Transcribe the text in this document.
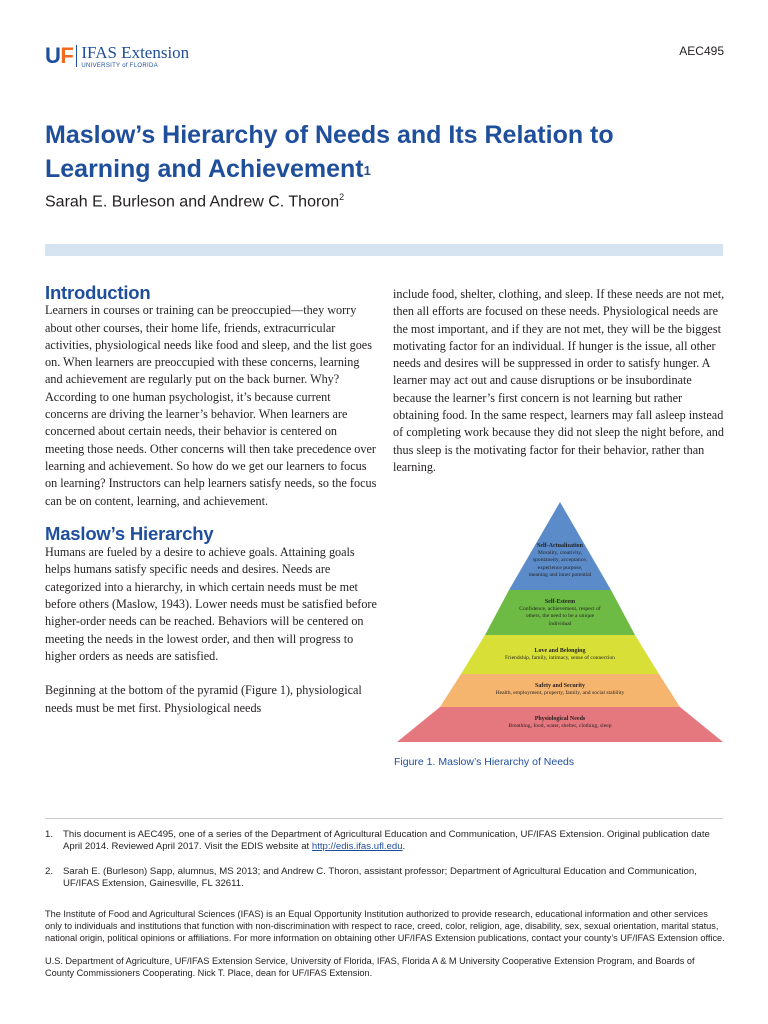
UF IFAS Extension
UNIVERSITY of FLORIDA
AEC495
Maslow’s Hierarchy of Needs and Its Relation to Learning and Achievement$^1$
Sarah E. Burleson and Andrew C. Thoron$^2$
Introduction

Learners in courses or training can be preoccupied—they worry about other courses, their home life, friends, extracurricular activities, physiological needs like food and sleep, and the list goes on. When learners are preoccupied with these concerns, learning and achievement are regularly put on the back burner. Why? According to one human psychologist, it’s because current concerns are driving the learner’s behavior. When learners are concerned about certain needs, their behavior is centered on meeting those needs. Other concerns will then take precedence over learning and achievement. So how do we get our learners to focus on learning? Instructors can help learners satisfy needs, so the focus can be on content, learning, and achievement.

Maslow’s Hierarchy

Humans are fueled by a desire to achieve goals. Attaining goals helps humans satisfy specific needs and desires. Needs are categorized into a hierarchy, in which certain needs must be met before others (Maslow, 1943). Lower needs must be satisfied before higher-order needs can be reached. Behaviors will be centered on meeting the needs in the lowest order, and then will progress to higher orders as needs are satisfied.

Beginning at the bottom of the pyramid (Figure 1), physiological needs must be met first. Physiological needs

include food, shelter, clothing, and sleep. If these needs are not met, then all efforts are focused on these needs. Physiological needs are the most important, and if they are not met, they will be the biggest motivating factor for an individual. If hunger is the issue, all other needs and desires will be suppressed in order to satisfy hunger. A learner may act out and cause disruptions or be insubordinate because the learner’s first concern is not learning but rather obtaining food. In the same respect, learners may fall asleep instead of completing work because they did not sleep the night before, and thus sleep is the motivating factor for their behavior, rather than learning.

Self-Actualization
Morality, creativity,
spontaneity, acceptance,
experience purpose,
meaning and inner potential
Self-Esteem
Confidence, achievement, respect of
others, the need to be a unique
individual
Love and Belonging
Friendship, family, intimacy, sense of connection
Safety and Security
Health, employment, property, family, and social stability
Physiological Needs
Breathing, food, water, shelter, clothing, sleep
Figure 1. Maslow’s Hierarchy of Needs
1.	This document is AEC495, one of a series of the Department of Agricultural Education and Communication, UF/IFAS Extension. Original publication date April 2014. Reviewed April 2017. Visit the EDIS website at http://edis.ifas.ufl.edu.
2.	Sarah E. (Burleson) Sapp, alumnus, MS 2013; and Andrew C. Thoron, assistant professor; Department of Agricultural Education and Communication, UF/IFAS Extension, Gainesville, FL 32611.
The Institute of Food and Agricultural Sciences (IFAS) is an Equal Opportunity Institution authorized to provide research, educational information and other services only to individuals and institutions that function with non-discrimination with respect to race, creed, color, religion, age, disability, sex, sexual orientation, marital status, national origin, political opinions or affiliations. For more information on obtaining other UF/IFAS Extension publications, contact your county’s UF/IFAS Extension office.
U.S. Department of Agriculture, UF/IFAS Extension Service, University of Florida, IFAS, Florida A & M University Cooperative Extension Program, and Boards of County Commissioners Cooperating. Nick T. Place, dean for UF/IFAS Extension.
